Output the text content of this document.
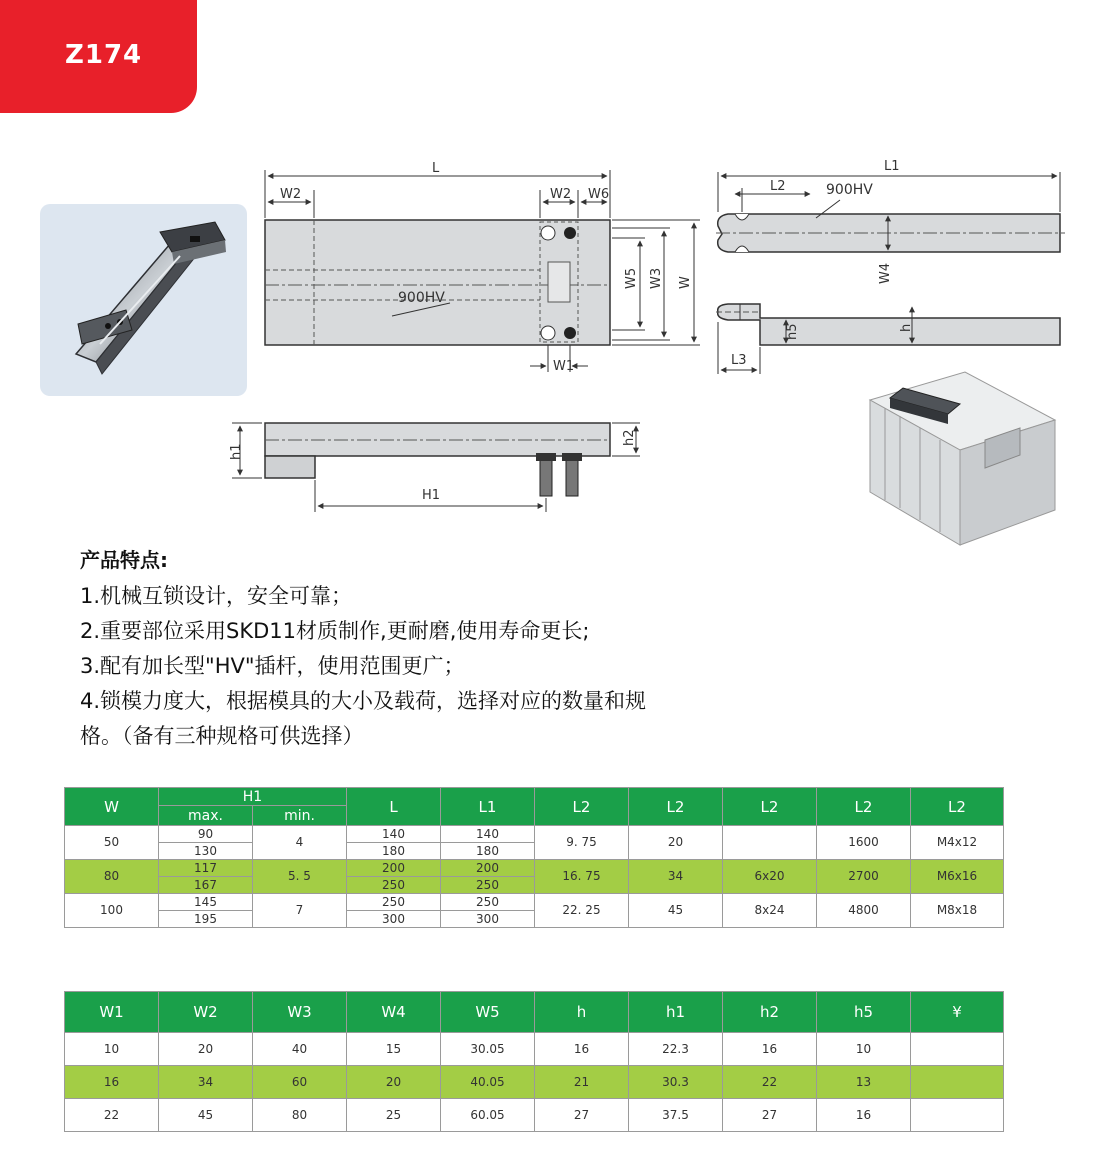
Z174
900HV
L
W2	W2 W6
W5 W3 W
W1
h1
h2
H1
900HV
L1
L2
W4
h5	h
L3
产品特点:
1.机械互锁设计，安全可靠；
2.重要部位采用SKD11材质制作,更耐磨,使用寿命更长;
3.配有加长型"HV"插杆，使用范围更广；
4.锁模力度大，根据模具的大小及载荷，选择对应的数量和规
格。（备有三种规格可供选择）
W	H1		L	L1	L2	L2	L2	L2	L2
	max.	min.							
50	90	4	140	140	9. 75	20		1600	M4x12
	130		180	180					
80	117	5. 5	200	200	16. 75	34	6x20	2700	M6x16
	167		250	250					
100	145	7	250	250	22. 25	45	8x24	4800	M8x18
	195		300	300					
W1	W2	W3	W4	W5	h	h1	h2	h5	¥
10	20	40	15	30.05	16	22.3	16	10	
16	34	60	20	40.05	21	30.3	22	13	
22	45	80	25	60.05	27	37.5	27	16	
